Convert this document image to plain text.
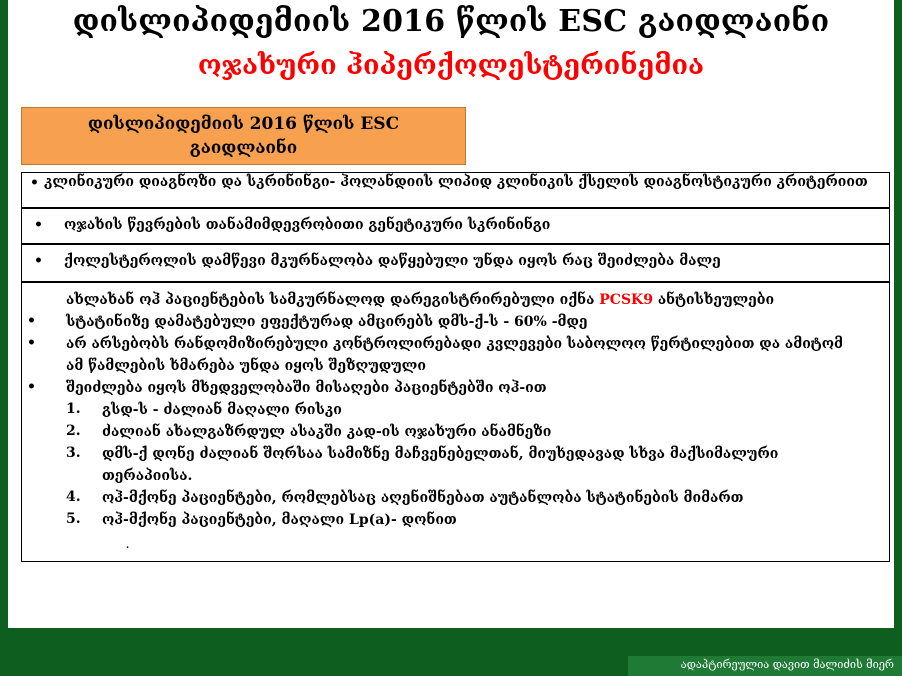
დისლიპიდემიის 2016 წლის ESC გაიდლაინი
ოჯახური ჰიპერქოლესტერინემია
დისლიპიდემიის 2016 წლის ESC
გაიდლაინი
• კლინიკური დიაგნოზი და სკრინინგი- ჰოლანდიის ლიპიდ კლინიკის ქსელის დიაგნოსტიკური კრიტერიით
• ოჯახის წევრების თანამიმდევრობითი გენეტიკური სკრინინგი
• ქოლესტეროლის დამწევი მკურნალობა დაწყებული უნდა იყოს რაც შეიძლება მალე
ახლახან ოჰ პაციენტების სამკურნალოდ დარეგისტრირებული იქნა PCSK9 ანტისხეულები
• სტატინიზე დამატებული ეფექტურად ამცირებს დმს-ქ-ს - 60% -მდე
• არ არსებობს რანდომიზირებული კონტროლირებადი კვლევები საბოლოო წერტილებით და ამიტომ
ამ წამლების ხმარება უნდა იყოს შეზღუდული
• შეიძლება იყოს მხედველობაში მისაღები პაციენტებში ოჰ-ით
1. გსდ-ს - ძალიან მაღალი რისკი
2. ძალიან ახალგაზრდულ ასაკში კად-ის ოჯახური ანამნეზი
3. დმს-ქ დონე ძალიან შორსაა სამიზნე მაჩვენებელთან, მიუხედავად სხვა მაქსიმალური
თერაპიისა.
4. ოჰ-მქონე პაციენტები, რომლებსაც აღენიშნებათ აუტანლობა სტატინების მიმართ
5. ოჰ-მქონე პაციენტები, მაღალი Lp(a)- დონით
.
ადაპტირეულია დავით მალიძის მიერ
